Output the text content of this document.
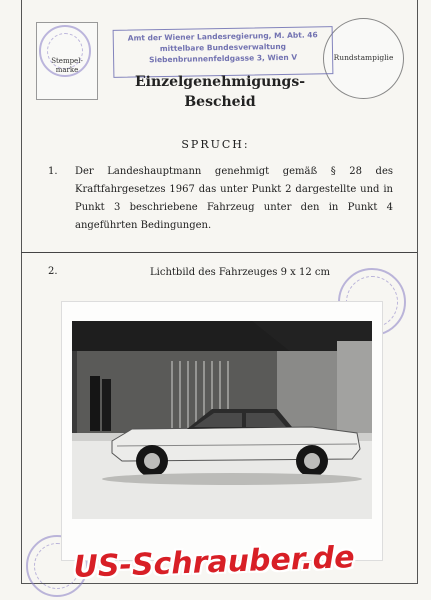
Stempel-
marke
Rundstampiglie
Amt der Wiener Landesregierung, M. Abt. 46
mittelbare Bundesverwaltung
Siebenbrunnenfeldgasse 3, Wien V
Einzelgenehmigungs-
Bescheid
SPRUCH:
1. Der Landeshauptmann genehmigt gemäß § 28 des Kraftfahrgesetzes 1967 das unter Punkt 2 dargestellte und in Punkt 3 beschriebene Fahrzeug unter den in Punkt 4 angeführten Bedingungen.
2.	Lichtbild des Fahrzeuges 9 x 12 cm
US-Schrauber.de
